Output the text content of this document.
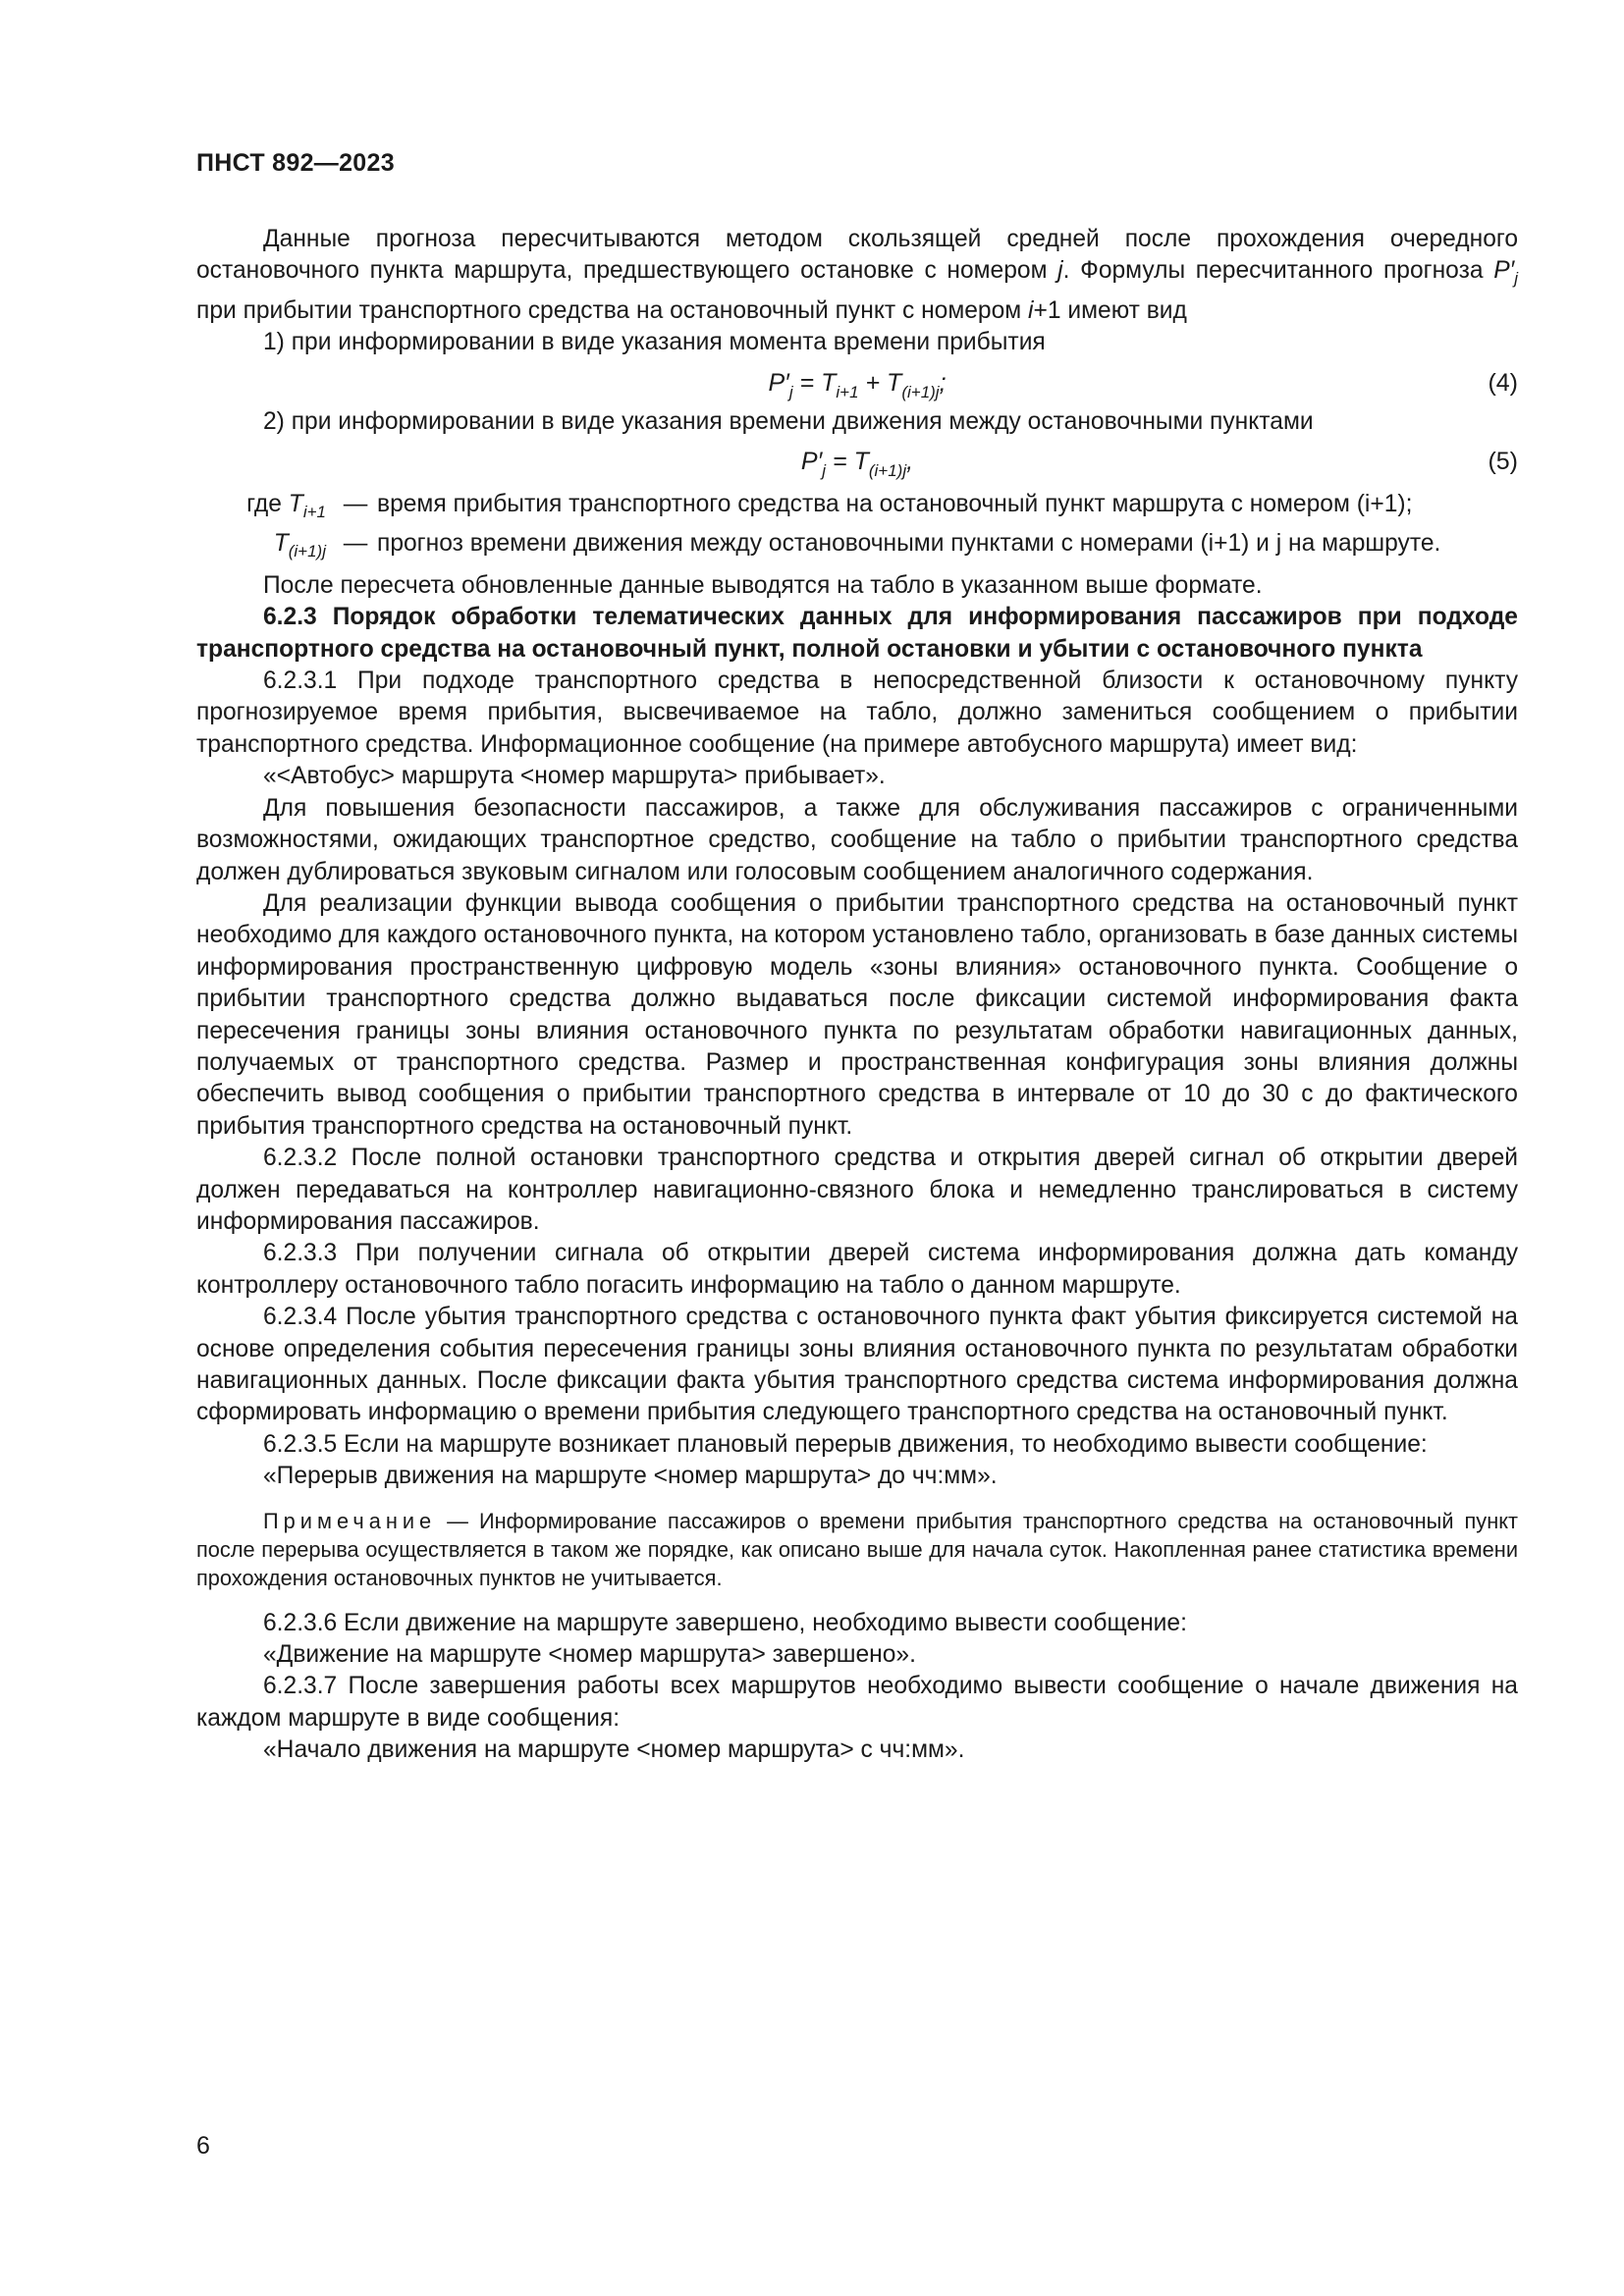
ПНСТ 892—2023

Данные прогноза пересчитываются методом скользящей средней после прохождения очередного остановочного пункта маршрута, предшествующего остановке с номером j. Формулы пересчитанного прогноза $P'_j$ при прибытии транспортного средства на остановочный пункт с номером i+1 имеют вид

1) при информировании в виде указания момента времени прибытия

$P'_j = T_{i+1} + T_{(i+1)j}$;	(4)

2) при информировании в виде указания времени движения между остановочными пунктами

$P'_j = T_{(i+1)j}$,	(5)
где $T_{i+1}$ — время прибытия транспортного средства на остановочный пункт маршрута с номером (i+1);
$T_{(i+1)j}$ — прогноз времени движения между остановочными пунктами с номерами (i+1) и j на маршруте.

После пересчета обновленные данные выводятся на табло в указанном выше формате.

6.2.3 Порядок обработки телематических данных для информирования пассажиров при подходе транспортного средства на остановочный пункт, полной остановки и убытии с остановочного пункта

6.2.3.1 При подходе транспортного средства в непосредственной близости к остановочному пункту прогнозируемое время прибытия, высвечиваемое на табло, должно замениться сообщением о прибытии транспортного средства. Информационное сообщение (на примере автобусного маршрута) имеет вид:

«<Автобус> маршрута <номер маршрута> прибывает».

Для повышения безопасности пассажиров, а также для обслуживания пассажиров с ограниченными возможностями, ожидающих транспортное средство, сообщение на табло о прибытии транспортного средства должен дублироваться звуковым сигналом или голосовым сообщением аналогичного содержания.

Для реализации функции вывода сообщения о прибытии транспортного средства на остановочный пункт необходимо для каждого остановочного пункта, на котором установлено табло, организовать в базе данных системы информирования пространственную цифровую модель «зоны влияния» остановочного пункта. Сообщение о прибытии транспортного средства должно выдаваться после фиксации системой информирования факта пересечения границы зоны влияния остановочного пункта по результатам обработки навигационных данных, получаемых от транспортного средства. Размер и пространственная конфигурация зоны влияния должны обеспечить вывод сообщения о прибытии транспортного средства в интервале от 10 до 30 с до фактического прибытия транспортного средства на остановочный пункт.

6.2.3.2 После полной остановки транспортного средства и открытия дверей сигнал об открытии дверей должен передаваться на контроллер навигационно-связного блока и немедленно транслироваться в систему информирования пассажиров.

6.2.3.3 При получении сигнала об открытии дверей система информирования должна дать команду контроллеру остановочного табло погасить информацию на табло о данном маршруте.

6.2.3.4 После убытия транспортного средства с остановочного пункта факт убытия фиксируется системой на основе определения события пересечения границы зоны влияния остановочного пункта по результатам обработки навигационных данных. После фиксации факта убытия транспортного средства система информирования должна сформировать информацию о времени прибытия следующего транспортного средства на остановочный пункт.

6.2.3.5 Если на маршруте возникает плановый перерыв движения, то необходимо вывести сообщение:

«Перерыв движения на маршруте <номер маршрута> до чч:мм».

Примечание — Информирование пассажиров о времени прибытия транспортного средства на остановочный пункт после перерыва осуществляется в таком же порядке, как описано выше для начала суток. Накопленная ранее статистика времени прохождения остановочных пунктов не учитывается.

6.2.3.6 Если движение на маршруте завершено, необходимо вывести сообщение:

«Движение на маршруте <номер маршрута> завершено».

6.2.3.7 После завершения работы всех маршрутов необходимо вывести сообщение о начале движения на каждом маршруте в виде сообщения:

«Начало движения на маршруте <номер маршрута> с чч:мм».

6
